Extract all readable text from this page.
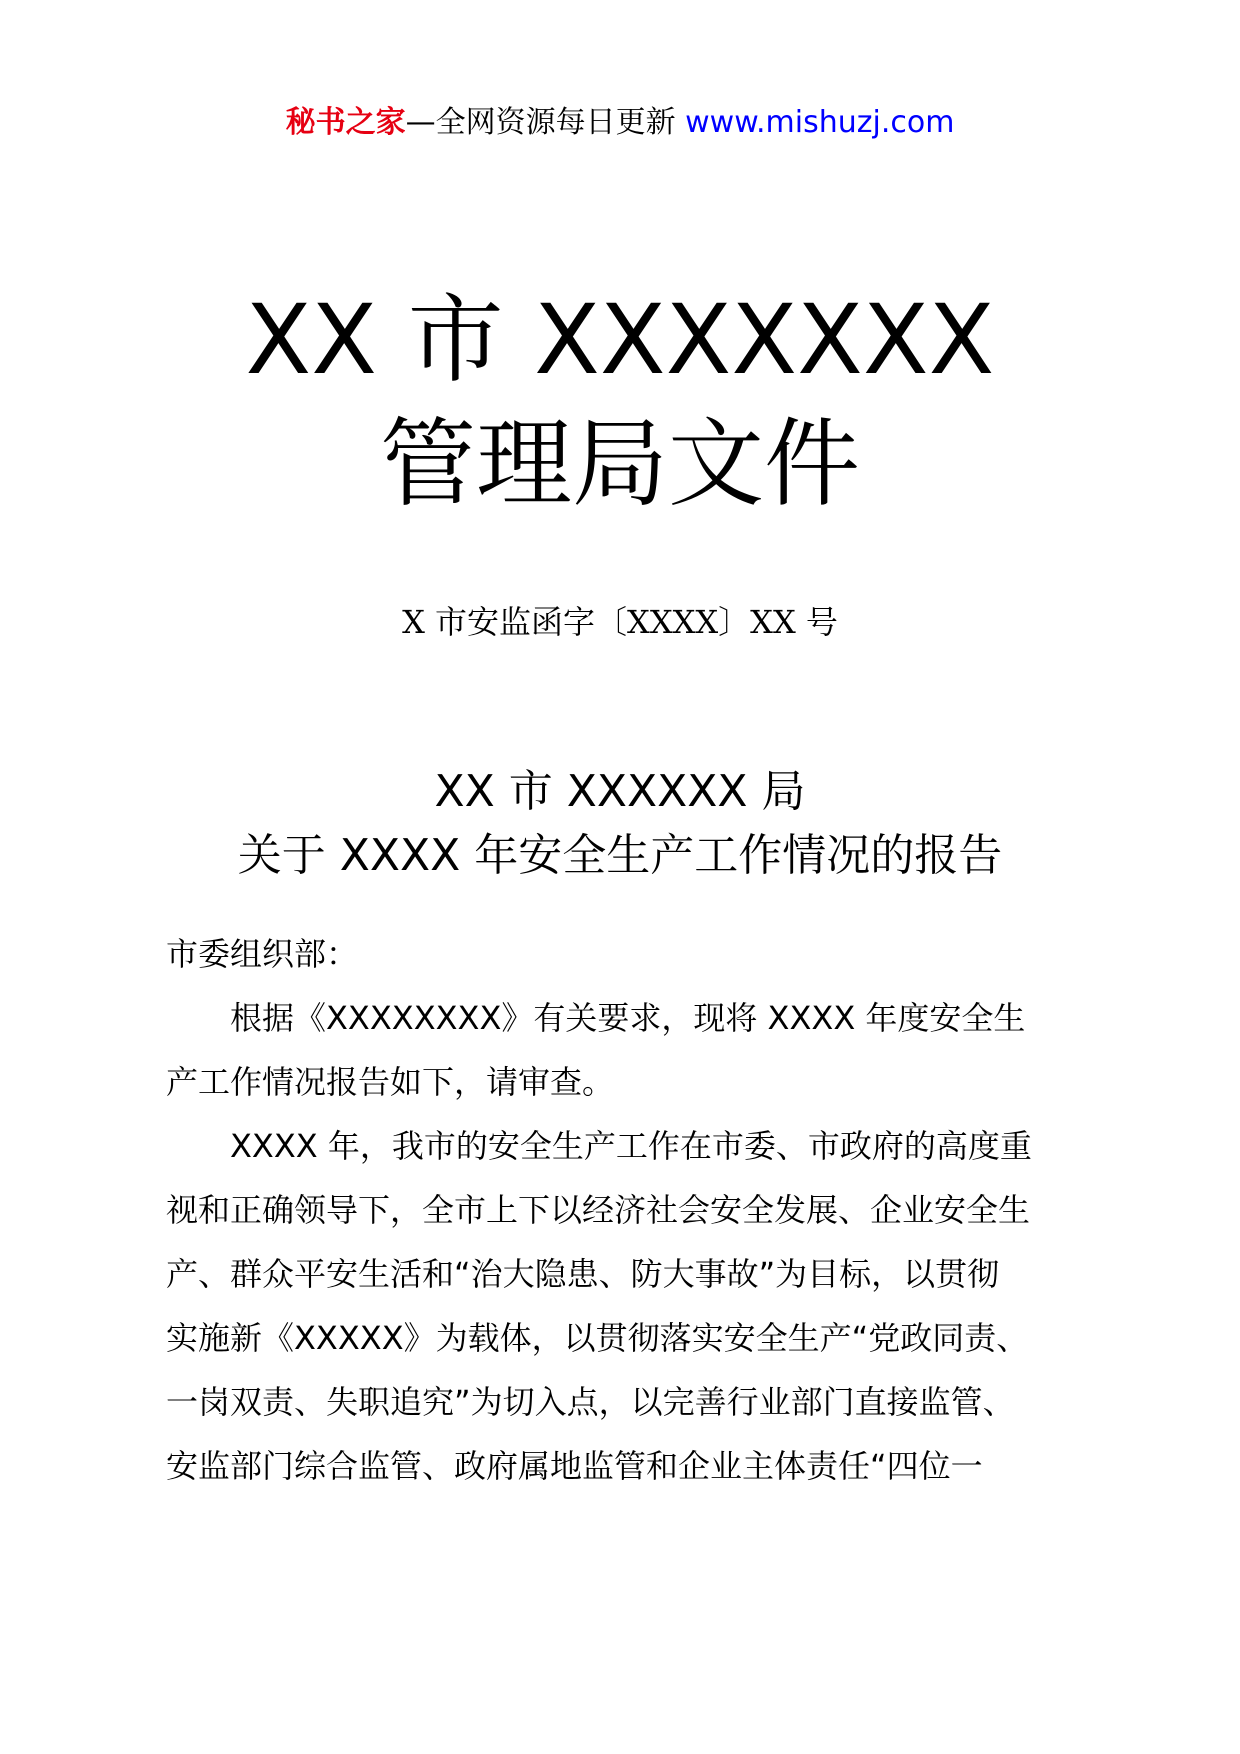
秘书之家—全网资源每日更新 www.mishuzj.com
XX 市 XXXXXXX
管理局文件
X 市安监函字〔XXXX〕XX 号
XX 市 XXXXXX 局
关于 XXXX 年安全生产工作情况的报告
市委组织部：
根据《XXXXXXXX》有关要求，现将 XXXX 年度安全生
产工作情况报告如下，请审查。
XXXX 年，我市的安全生产工作在市委、市政府的高度重
视和正确领导下，全市上下以经济社会安全发展、企业安全生
产、群众平安生活和“治大隐患、防大事故”为目标，以贯彻
实施新《XXXXX》为载体，以贯彻落实安全生产“党政同责、
一岗双责、失职追究”为切入点，以完善行业部门直接监管、
安监部门综合监管、政府属地监管和企业主体责任“四位一
